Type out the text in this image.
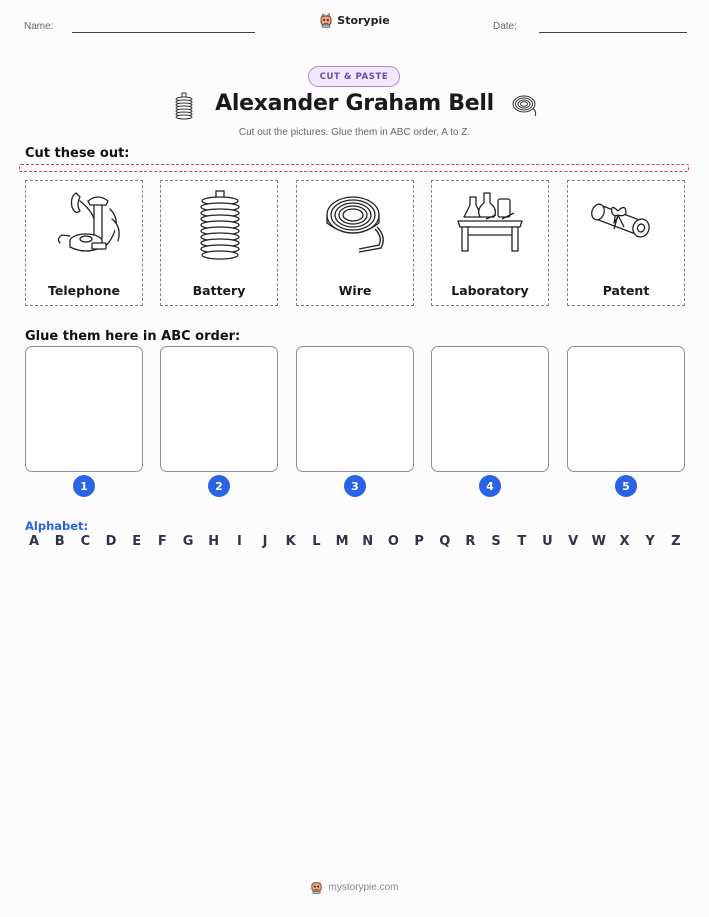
Name:	Storypie	Date:
CUT & PASTE
Alexander Graham Bell
Cut out the pictures. Glue them in ABC order, A to Z.
Cut these out:
Telephone	Battery	Wire	Laboratory	Patent
Glue them here in ABC order:
1	2	3	4	5
Alphabet:
A	B	C	D	E	F	G H	I	J	K	L	M N O	P	Q	R	S	T	U	V	W	X	Y	Z
mystorypie.com
